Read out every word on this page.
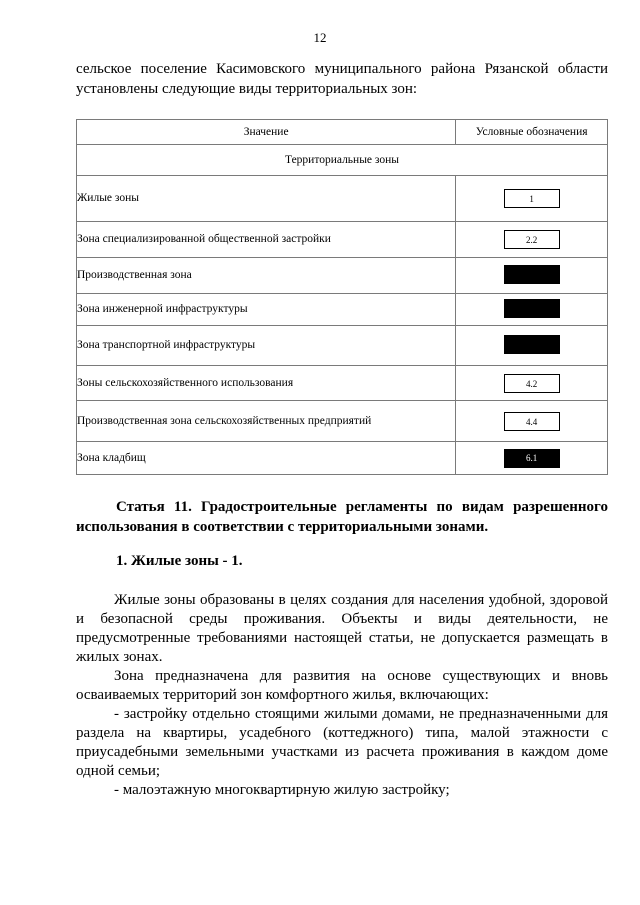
12

сельское поселение Касимовского муниципального района Рязанской области

установлены следующие виды территориальных зон:

Значение	Условные обозначения
Территориальные зоны	
Жилые зоны	1
Зона специализированной общественной застройки	2.2
Производственная зона	
Зона инженерной инфраструктуры	
Зона транспортной инфраструктуры	
Зоны сельскохозяйственного использования	4.2
Производственная зона сельскохозяйственных предприятий	4.4
Зона кладбищ	6.1

Статья 11. Градостроительные регламенты по видам разрешенного

использования в соответствии с территориальными зонами.
1. Жилые зоны - 1.

Жилые зоны образованы в целях создания для населения удобной, здоровой и безопасной среды проживания. Объекты и виды деятельности, не предусмотренные требованиями настоящей статьи, не допускается размещать в жилых зонах.

Зона предназначена для развития на основе существующих и вновь осваиваемых территорий зон комфортного жилья, включающих:

- застройку отдельно стоящими жилыми домами, не предназначенными для раздела на квартиры, усадебного (коттеджного) типа, малой этажности с приусадебными земельными участками из расчета проживания в каждом доме одной семьи;

- малоэтажную многоквартирную жилую застройку;
